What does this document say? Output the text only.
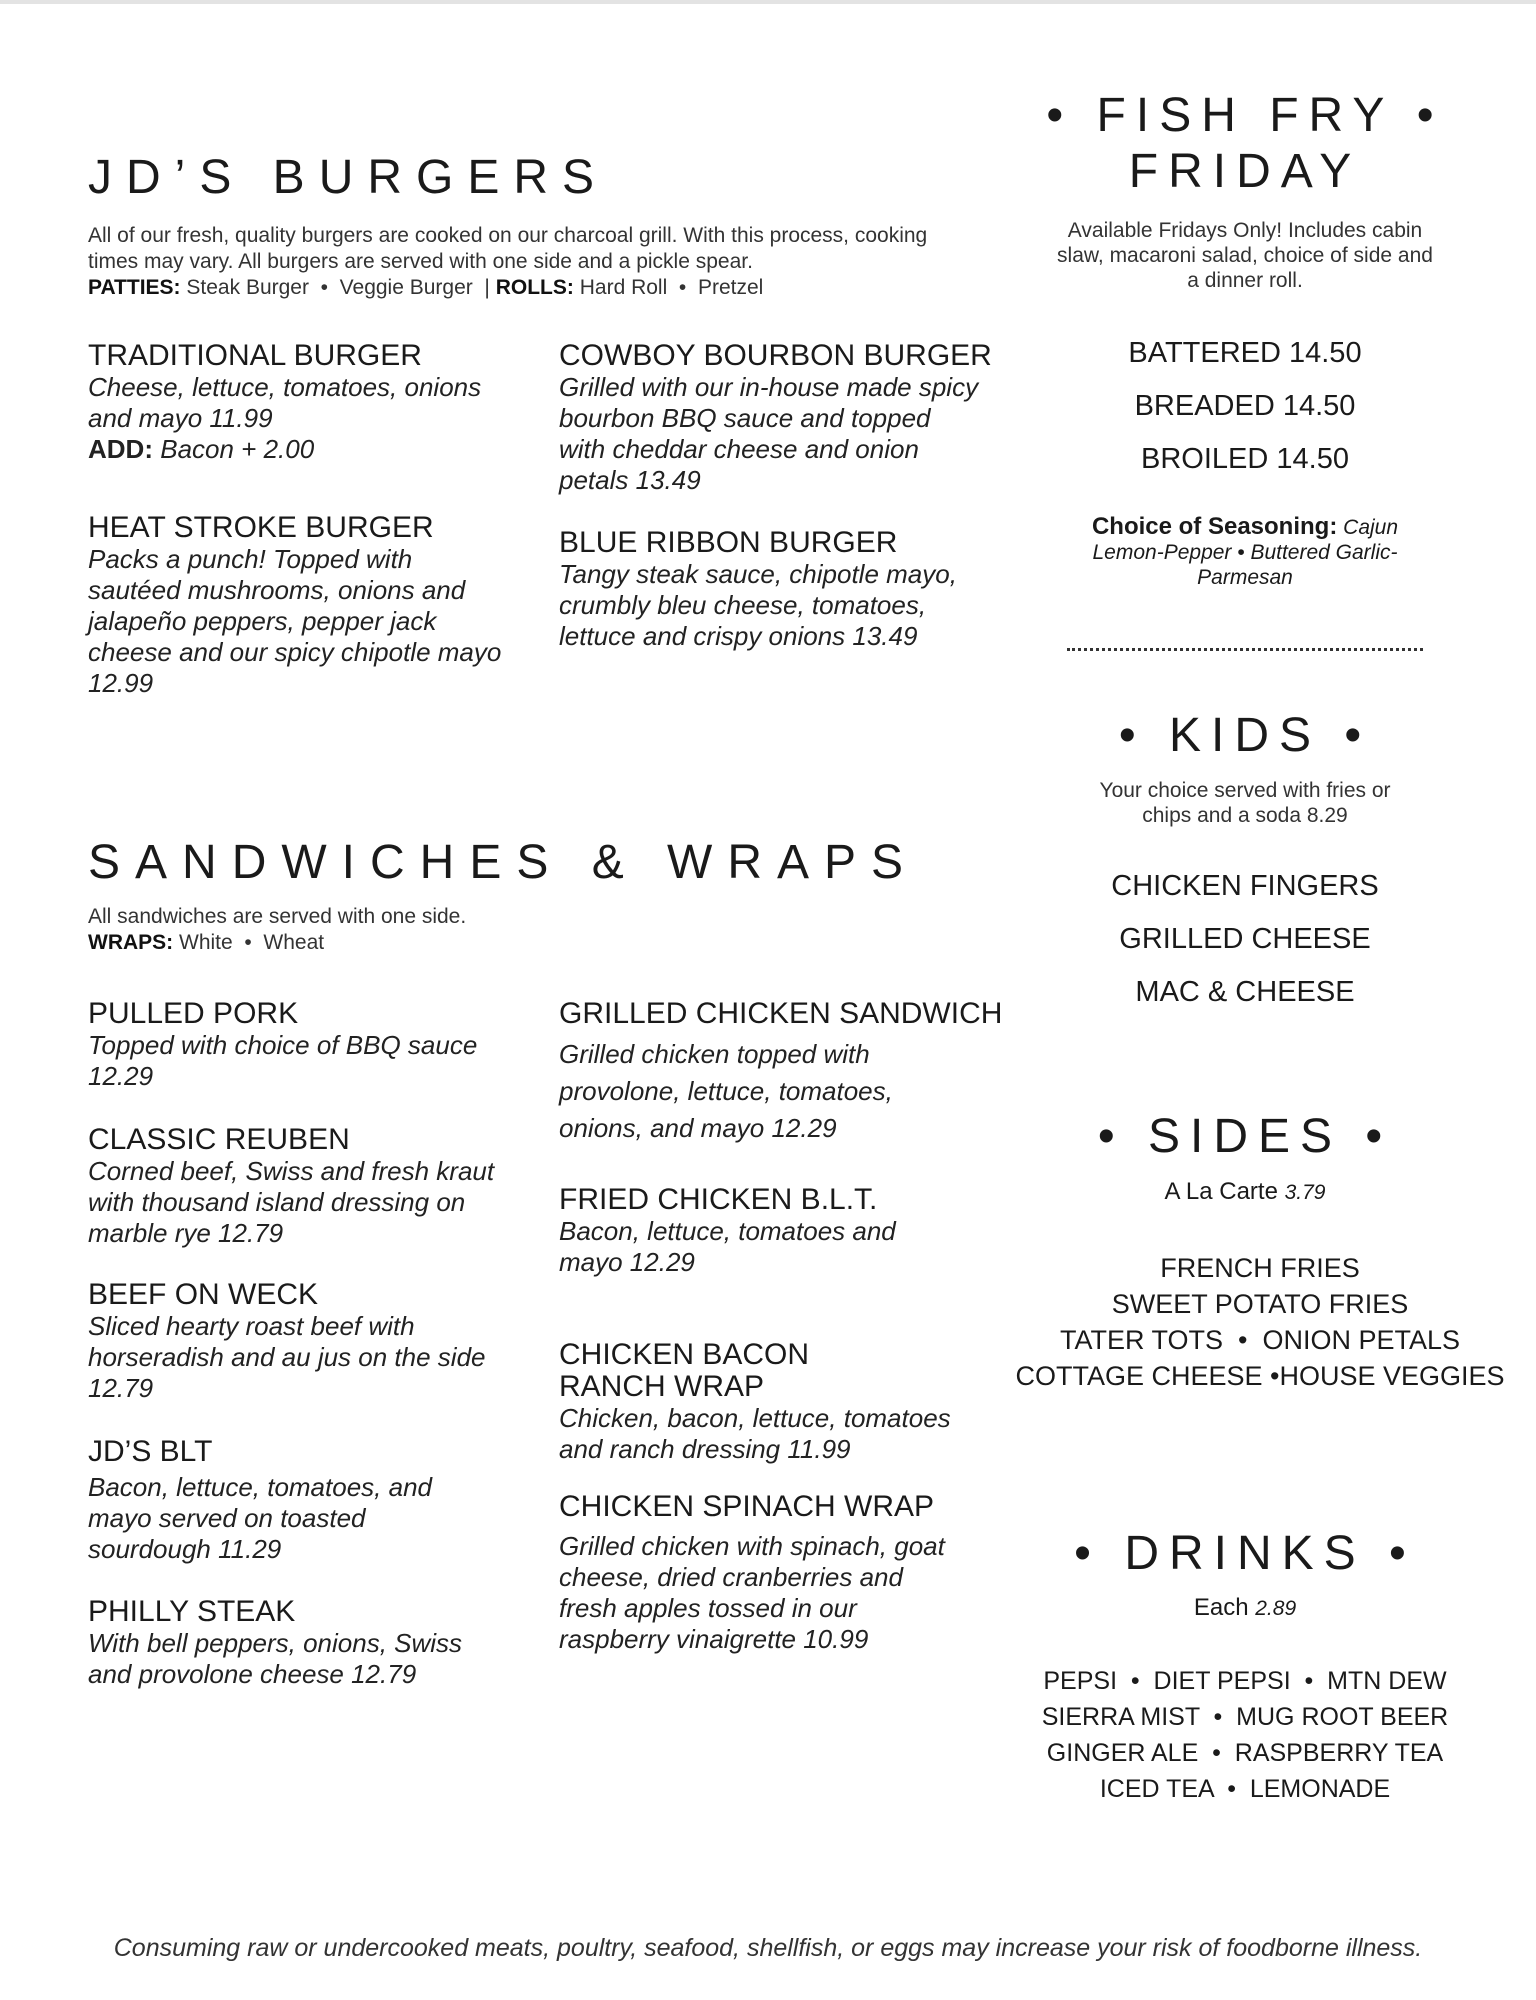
JD’S BURGERS
All of our fresh, quality burgers are cooked on our charcoal grill. With this process, cooking times may vary. All burgers are served with one side and a pickle spear.
PATTIES: Steak Burger  •  Veggie Burger  | ROLLS: Hard Roll  •  Pretzel
TRADITIONAL BURGER
Cheese, lettuce, tomatoes, onions and mayo 11.99
ADD: Bacon + 2.00
COWBOY BOURBON BURGER
Grilled with our in-house made spicy bourbon BBQ sauce and topped with cheddar cheese and onion petals 13.49
HEAT STROKE BURGER
Packs a punch! Topped with sautéed mushrooms, onions and jalapeño peppers, pepper jack cheese and our spicy chipotle mayo 12.99
BLUE RIBBON BURGER
Tangy steak sauce, chipotle mayo, crumbly bleu cheese, tomatoes, lettuce and crispy onions 13.49
SANDWICHES & WRAPS
All sandwiches are served with one side.
WRAPS: White  •  Wheat
PULLED PORK
Topped with choice of BBQ sauce 12.29
GRILLED CHICKEN SANDWICH
Grilled chicken topped with provolone, lettuce, tomatoes, onions, and mayo 12.29
CLASSIC REUBEN
Corned beef, Swiss and fresh kraut with thousand island dressing on marble rye 12.79
FRIED CHICKEN B.L.T.
Bacon, lettuce, tomatoes and mayo 12.29
BEEF ON WECK
Sliced hearty roast beef with horseradish and au jus on the side 12.79
CHICKEN BACON
RANCH WRAP
Chicken, bacon, lettuce, tomatoes and ranch dressing 11.99
JD’S BLT
Bacon, lettuce, tomatoes, and mayo served on toasted sourdough 11.29
CHICKEN SPINACH WRAP
Grilled chicken with spinach, goat cheese, dried cranberries and fresh apples tossed in our raspberry vinaigrette 10.99
PHILLY STEAK
With bell peppers, onions, Swiss and provolone cheese 12.79
• FISH FRY •
FRIDAY
Available Fridays Only! Includes cabin slaw, macaroni salad, choice of side and a dinner roll.
BATTERED 14.50
BREADED 14.50
BROILED 14.50
Choice of Seasoning: Cajun
Lemon-Pepper • Buttered Garlic-Parmesan
• KIDS •
Your choice served with fries or chips and a soda 8.29
CHICKEN FINGERS
GRILLED CHEESE
MAC & CHEESE
• SIDES •
A La Carte 3.79
FRENCH FRIES
SWEET POTATO FRIES
TATER TOTS  •  ONION PETALS
COTTAGE CHEESE •HOUSE VEGGIES
• DRINKS •
Each 2.89
PEPSI  •  DIET PEPSI  •  MTN DEW
SIERRA MIST  •  MUG ROOT BEER
GINGER ALE  •  RASPBERRY TEA
ICED TEA  •  LEMONADE
Consuming raw or undercooked meats, poultry, seafood, shellfish, or eggs may increase your risk of foodborne illness.
